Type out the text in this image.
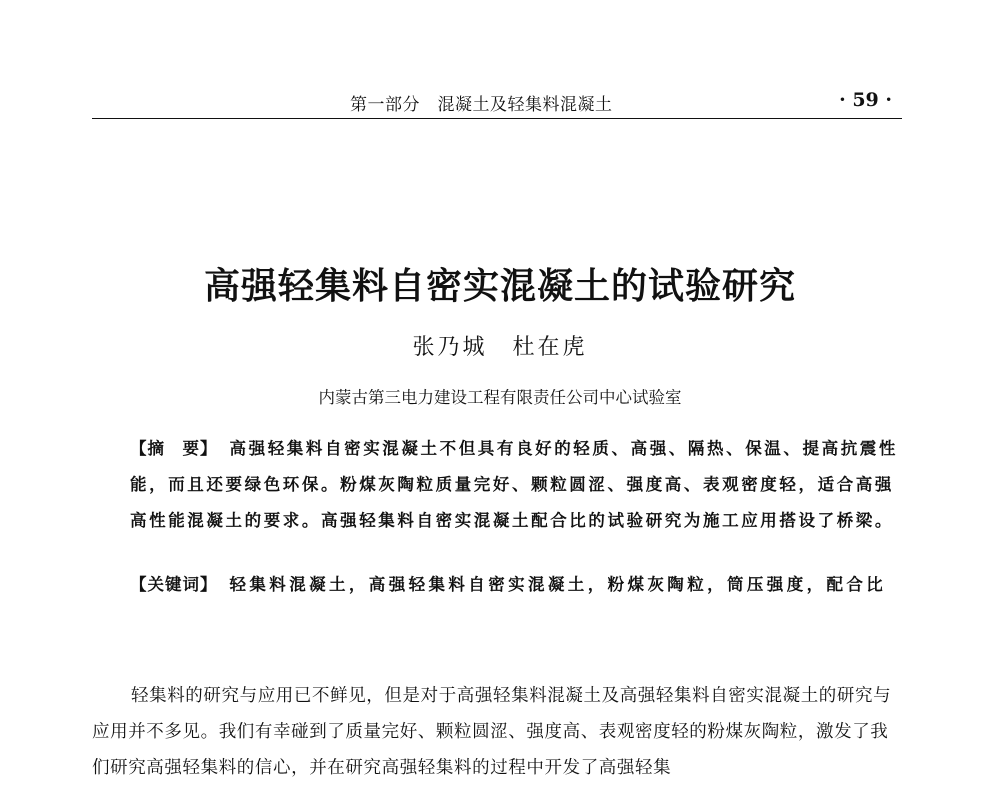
第一部分　混凝土及轻集料混凝土	· 59 ·
高强轻集料自密实混凝土的试验研究
张乃城　杜在虎
内蒙古第三电力建设工程有限责任公司中心试验室
【摘　要】 高强轻集料自密实混凝土不但具有良好的轻质、高强、隔热、保温、提高抗震性能，而且还要绿色环保。粉煤灰陶粒质量完好、颗粒圆涩、强度高、表观密度轻，适合高强高性能混凝土的要求。高强轻集料自密实混凝土配合比的试验研究为施工应用搭设了桥梁。
【关键词】 轻集料混凝土，高强轻集料自密实混凝土，粉煤灰陶粒，筒压强度，配合比
轻集料的研究与应用已不鲜见，但是对于高强轻集料混凝土及高强轻集料自密实混凝土的研究与应用并不多见。我们有幸碰到了质量完好、颗粒圆涩、强度高、表观密度轻的粉煤灰陶粒，激发了我们研究高强轻集料的信心，并在研究高强轻集料的过程中开发了高强轻集
